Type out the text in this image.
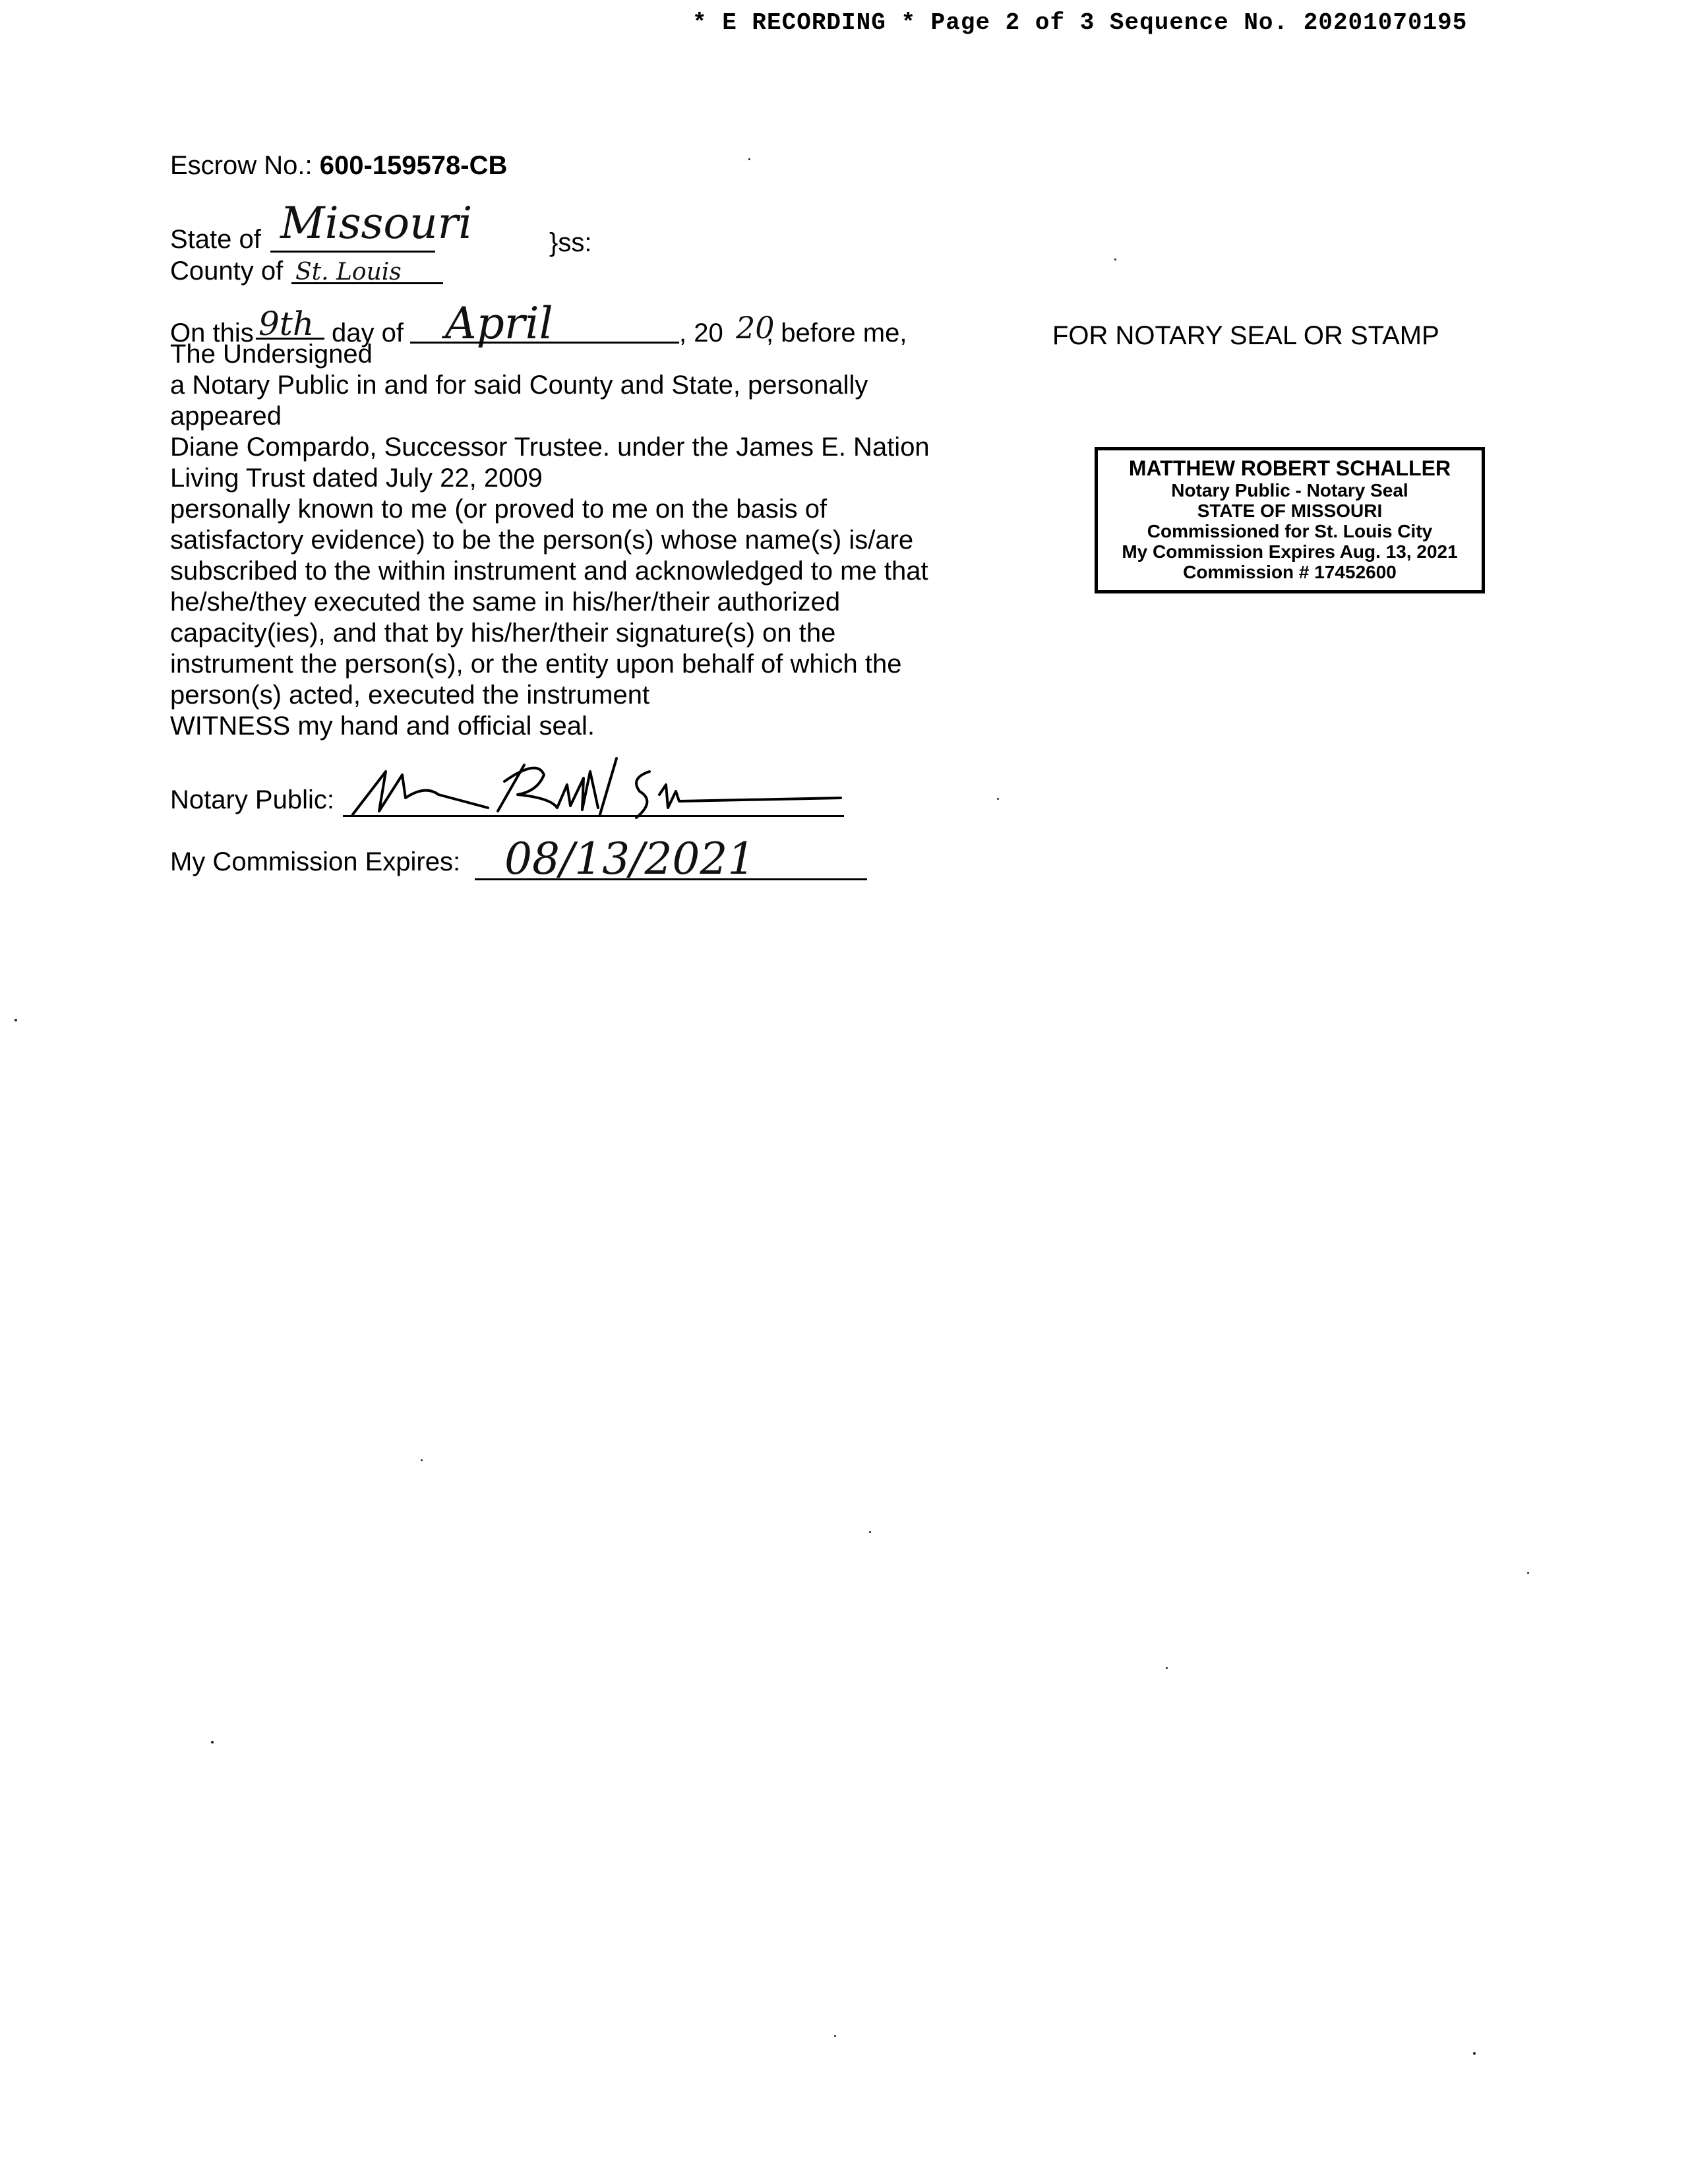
* E RECORDING * Page 2 of 3 Sequence No. 20201070195
Escrow No.: 600-159578-CB
State of Missouri	}ss:
County of St. Louis
On this 9th day of April	, 20 20
, before me,
The Undersigned
a Notary Public in and for said County and State, personally
appeared
Diane Compardo, Successor Trustee. under the James E. Nation
Living Trust dated July 22, 2009
personally known to me (or proved to me on the basis of
satisfactory evidence) to be the person(s) whose name(s) is/are
subscribed to the within instrument and acknowledged to me that
he/she/they executed the same in his/her/their authorized
capacity(ies), and that by his/her/their signature(s) on the
instrument the person(s), or the entity upon behalf of which the
person(s) acted, executed the instrument
WITNESS my hand and official seal.
Notary Public:
My Commission Expires: 08/13/2021
FOR NOTARY SEAL OR STAMP
MATTHEW ROBERT SCHALLER
Notary Public - Notary Seal
STATE OF MISSOURI
Commissioned for St. Louis City
My Commission Expires Aug. 13, 2021
Commission # 17452600
